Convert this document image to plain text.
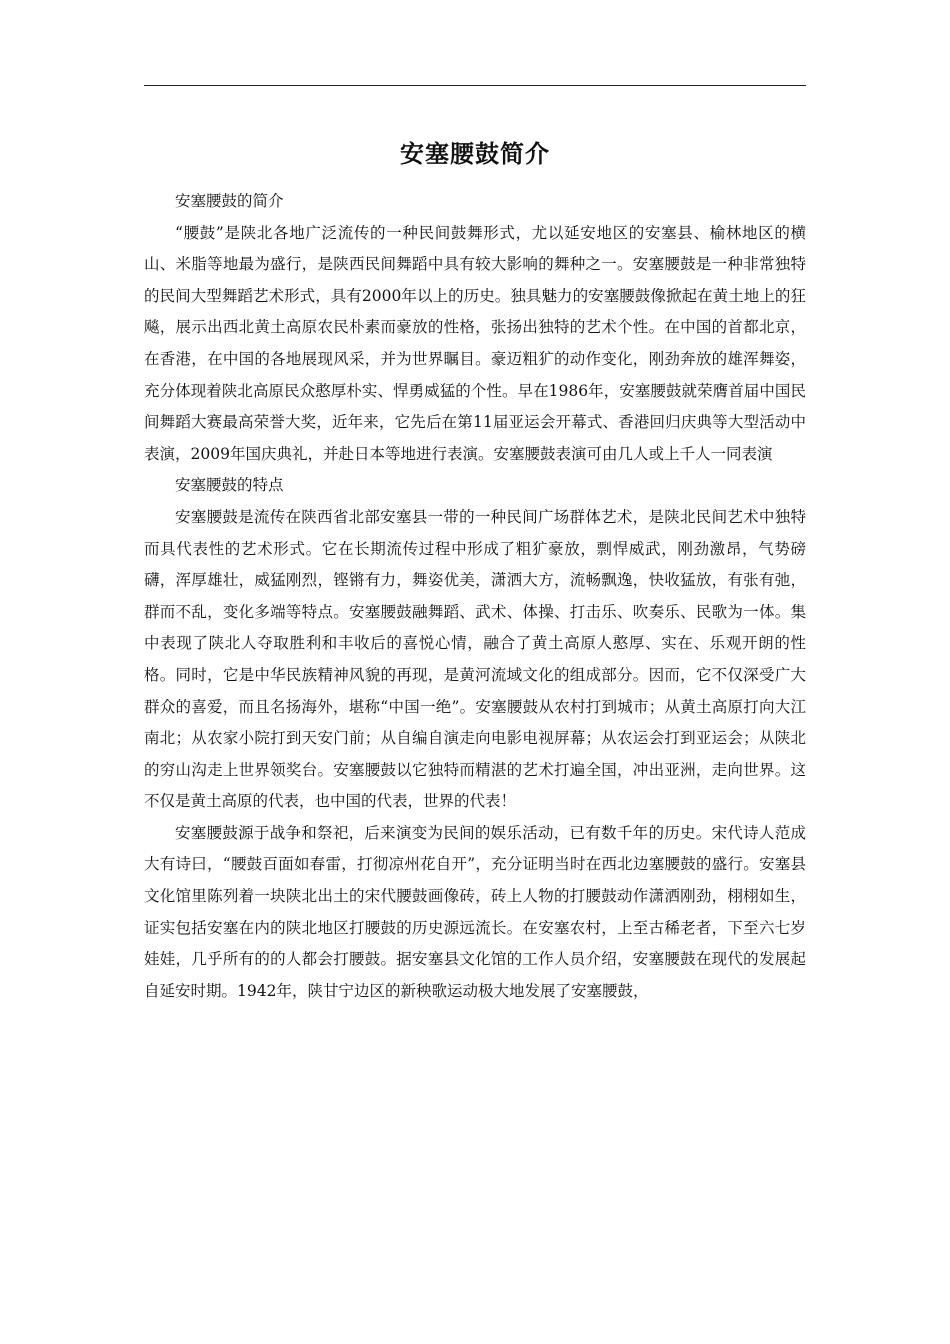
安塞腰鼓简介

安塞腰鼓的简介

“腰鼓”是陕北各地广泛流传的一种民间鼓舞形式，尤以延安地区的安塞县、榆林地区的横山、米脂等地最为盛行，是陕西民间舞蹈中具有较大影响的舞种之一。安塞腰鼓是一种非常独特的民间大型舞蹈艺术形式，具有2000年以上的历史。独具魅力的安塞腰鼓像掀起在黄土地上的狂飚，展示出西北黄土高原农民朴素而豪放的性格，张扬出独特的艺术个性。在中国的首都北京，在香港，在中国的各地展现风采，并为世界瞩目。豪迈粗犷的动作变化，刚劲奔放的雄浑舞姿，充分体现着陕北高原民众憨厚朴实、悍勇威猛的个性。早在1986年，安塞腰鼓就荣膺首届中国民间舞蹈大赛最高荣誉大奖，近年来，它先后在第11届亚运会开幕式、香港回归庆典等大型活动中表演，2009年国庆典礼，并赴日本等地进行表演。安塞腰鼓表演可由几人或上千人一同表演

安塞腰鼓的特点

安塞腰鼓是流传在陕西省北部安塞县一带的一种民间广场群体艺术，是陕北民间艺术中独特而具代表性的艺术形式。它在长期流传过程中形成了粗犷豪放，剽悍威武，刚劲激昂，气势磅礴，浑厚雄壮，威猛刚烈，铿锵有力，舞姿优美，潇洒大方，流畅飘逸，快收猛放，有张有弛，群而不乱，变化多端等特点。安塞腰鼓融舞蹈、武术、体操、打击乐、吹奏乐、民歌为一体。集中表现了陕北人夺取胜利和丰收后的喜悦心情，融合了黄土高原人憨厚、实在、乐观开朗的性格。同时，它是中华民族精神风貌的再现，是黄河流域文化的组成部分。因而，它不仅深受广大群众的喜爱，而且名扬海外，堪称“中国一绝”。安塞腰鼓从农村打到城市；从黄土高原打向大江南北；从农家小院打到天安门前；从自编自演走向电影电视屏幕；从农运会打到亚运会；从陕北的穷山沟走上世界领奖台。安塞腰鼓以它独特而精湛的艺术打遍全国，冲出亚洲，走向世界。这不仅是黄土高原的代表，也中国的代表，世界的代表！

安塞腰鼓源于战争和祭祀，后来演变为民间的娱乐活动，已有数千年的历史。宋代诗人范成大有诗曰，“腰鼓百面如春雷，打彻凉州花自开”，充分证明当时在西北边塞腰鼓的盛行。安塞县文化馆里陈列着一块陕北出土的宋代腰鼓画像砖，砖上人物的打腰鼓动作潇洒刚劲，栩栩如生，证实包括安塞在内的陕北地区打腰鼓的历史源远流长。在安塞农村，上至古稀老者，下至六七岁娃娃，几乎所有的的人都会打腰鼓。据安塞县文化馆的工作人员介绍，安塞腰鼓在现代的发展起自延安时期。1942年，陕甘宁边区的新秧歌运动极大地发展了安塞腰鼓，
